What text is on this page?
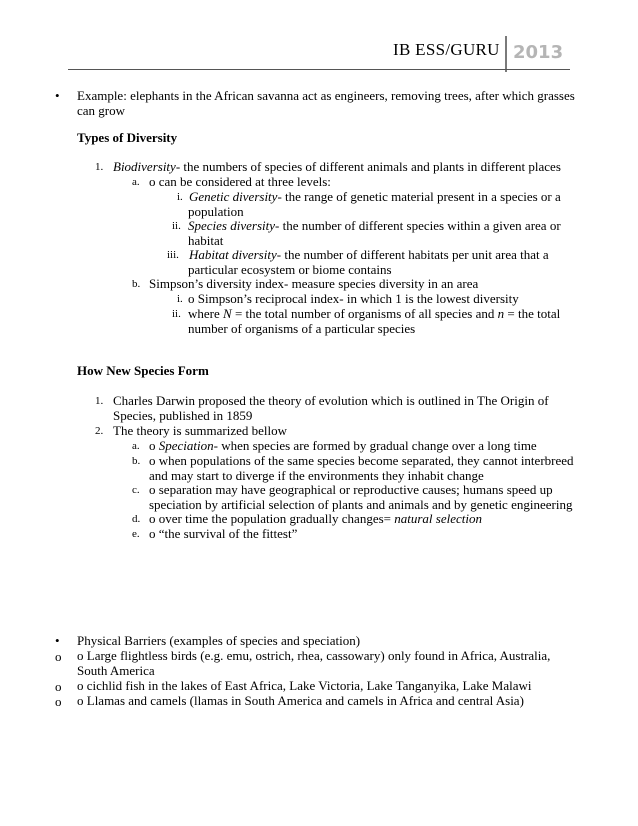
IB ESS/GURU 2013
• Example: elephants in the African savanna act as engineers, removing trees, after which grasses
can grow
Types of Diversity
1. Biodiversity- the numbers of species of different animals and plants in different places
a. o can be considered at three levels:
i. Genetic diversity- the range of genetic material present in a species or a
population
ii. Species diversity- the number of different species within a given area or
habitat
iii. Habitat diversity- the number of different habitats per unit area that a
particular ecosystem or biome contains
b. Simpson’s diversity index- measure species diversity in an area
i. o Simpson’s reciprocal index- in which 1 is the lowest diversity
ii. where N = the total number of organisms of all species and n = the total
number of organisms of a particular species
How New Species Form
1. Charles Darwin proposed the theory of evolution which is outlined in The Origin of
Species, published in 1859
2. The theory is summarized bellow
a. o Speciation- when species are formed by gradual change over a long time
b. o when populations of the same species become separated, they cannot interbreed
and may start to diverge if the environments they inhabit change
c. o separation may have geographical or reproductive causes; humans speed up
speciation by artificial selection of plants and animals and by genetic engineering
d. o over time the population gradually changes= natural selection
e. o “the survival of the fittest”
• Physical Barriers (examples of species and speciation)
o o Large flightless birds (e.g. emu, ostrich, rhea, cassowary) only found in Africa, Australia,
South America
o o cichlid fish in the lakes of East Africa, Lake Victoria, Lake Tanganyika, Lake Malawi
o o Llamas and camels (llamas in South America and camels in Africa and central Asia)
